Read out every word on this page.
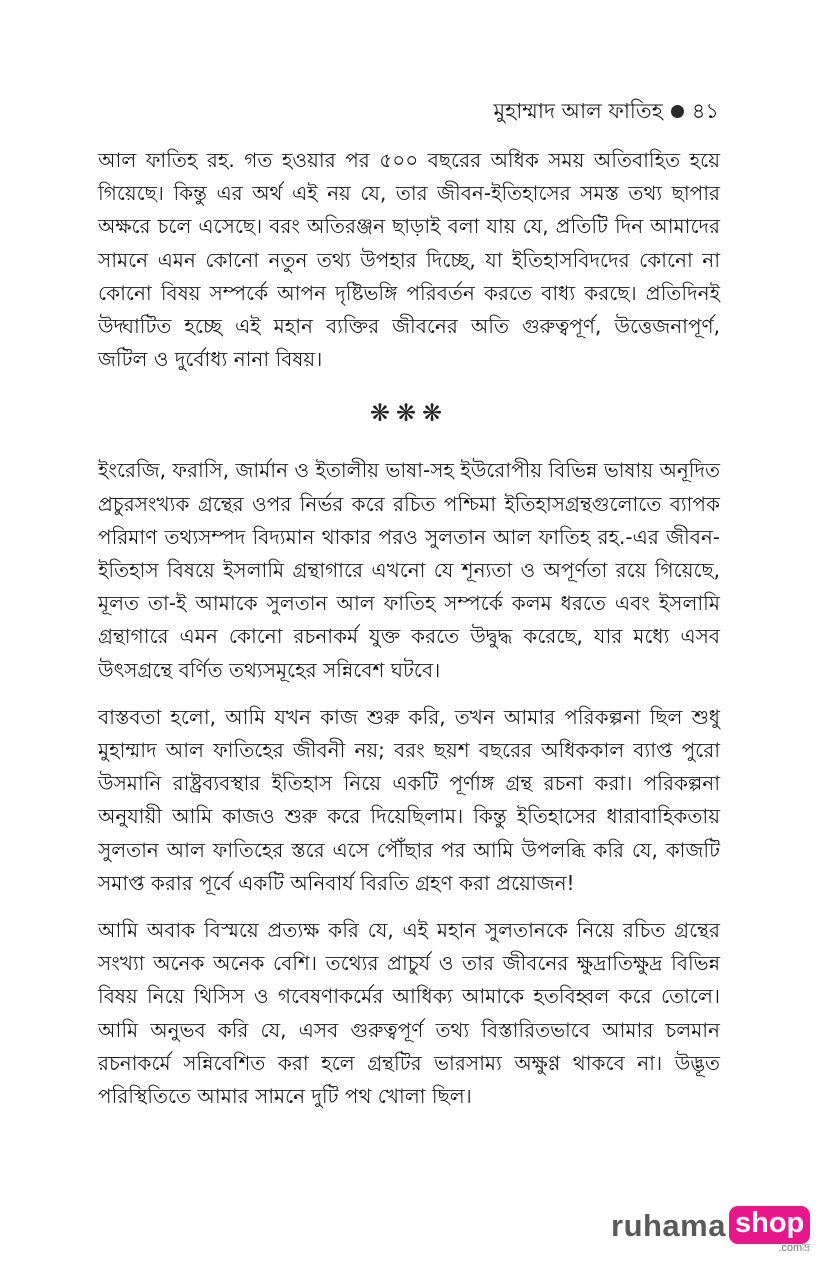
মুহাম্মাদ আল ফাতিহ ৪১

আল ফাতিহ রহ. গত হওয়ার পর ৫০০ বছরের অধিক সময় অতিবাহিত হয়ে গিয়েছে। কিন্তু এর অর্থ এই নয় যে, তার জীবন-ইতিহাসের সমস্ত তথ্য ছাপার অক্ষরে চলে এসেছে। বরং অতিরঞ্জন ছাড়াই বলা যায় যে, প্রতিটি দিন আমাদের সামনে এমন কোনো নতুন তথ্য উপহার দিচ্ছে, যা ইতিহাসবিদদের কোনো না কোনো বিষয় সম্পর্কে আপন দৃষ্টিভঙ্গি পরিবর্তন করতে বাধ্য করছে। প্রতিদিনই উদ্ঘাটিত হচ্ছে এই মহান ব্যক্তির জীবনের অতি গুরুত্বপূর্ণ, উত্তেজনাপূর্ণ, জটিল ও দুর্বোধ্য নানা বিষয়।

❋❋❋

ইংরেজি, ফরাসি, জার্মান ও ইতালীয় ভাষা-সহ ইউরোপীয় বিভিন্ন ভাষায় অনূদিত প্রচুরসংখ্যক গ্রন্থের ওপর নির্ভর করে রচিত পশ্চিমা ইতিহাসগ্রন্থগুলোতে ব্যাপক পরিমাণ তথ্যসম্পদ বিদ্যমান থাকার পরও সুলতান আল ফাতিহ রহ.-এর জীবন-ইতিহাস বিষয়ে ইসলামি গ্রন্থাগারে এখনো যে শূন্যতা ও অপূর্ণতা রয়ে গিয়েছে, মূলত তা-ই আমাকে সুলতান আল ফাতিহ সম্পর্কে কলম ধরতে এবং ইসলামি গ্রন্থাগারে এমন কোনো রচনাকর্ম যুক্ত করতে উদ্বুদ্ধ করেছে, যার মধ্যে এসব উৎসগ্রন্থে বর্ণিত তথ্যসমূহের সন্নিবেশ ঘটবে।

বাস্তবতা হলো, আমি যখন কাজ শুরু করি, তখন আমার পরিকল্পনা ছিল শুধু মুহাম্মাদ আল ফাতিহের জীবনী নয়; বরং ছয়শ বছরের অধিককাল ব্যাপ্ত পুরো উসমানি রাষ্ট্রব্যবস্থার ইতিহাস নিয়ে একটি পূর্ণাঙ্গ গ্রন্থ রচনা করা। পরিকল্পনা অনুযায়ী আমি কাজও শুরু করে দিয়েছিলাম। কিন্তু ইতিহাসের ধারাবাহিকতায় সুলতান আল ফাতিহের স্তরে এসে পৌঁছার পর আমি উপলব্ধি করি যে, কাজটি সমাপ্ত করার পূর্বে একটি অনিবার্য বিরতি গ্রহণ করা প্রয়োজন!

আমি অবাক বিস্ময়ে প্রত্যক্ষ করি যে, এই মহান সুলতানকে নিয়ে রচিত গ্রন্থের সংখ্যা অনেক অনেক বেশি। তথ্যের প্রাচুর্য ও তার জীবনের ক্ষুদ্রাতিক্ষুদ্র বিভিন্ন বিষয় নিয়ে থিসিস ও গবেষণাকর্মের আধিক্য আমাকে হতবিহ্বল করে তোলে। আমি অনুভব করি যে, এসব গুরুত্বপূর্ণ তথ্য বিস্তারিতভাবে আমার চলমান রচনাকর্মে সন্নিবেশিত করা হলে গ্রন্থটির ভারসাম্য অক্ষুণ্ণ থাকবে না। উদ্ভূত পরিস্থিতিতে আমার সামনে দুটি পথ খোলা ছিল।

ruhama shop
.comভ্র
